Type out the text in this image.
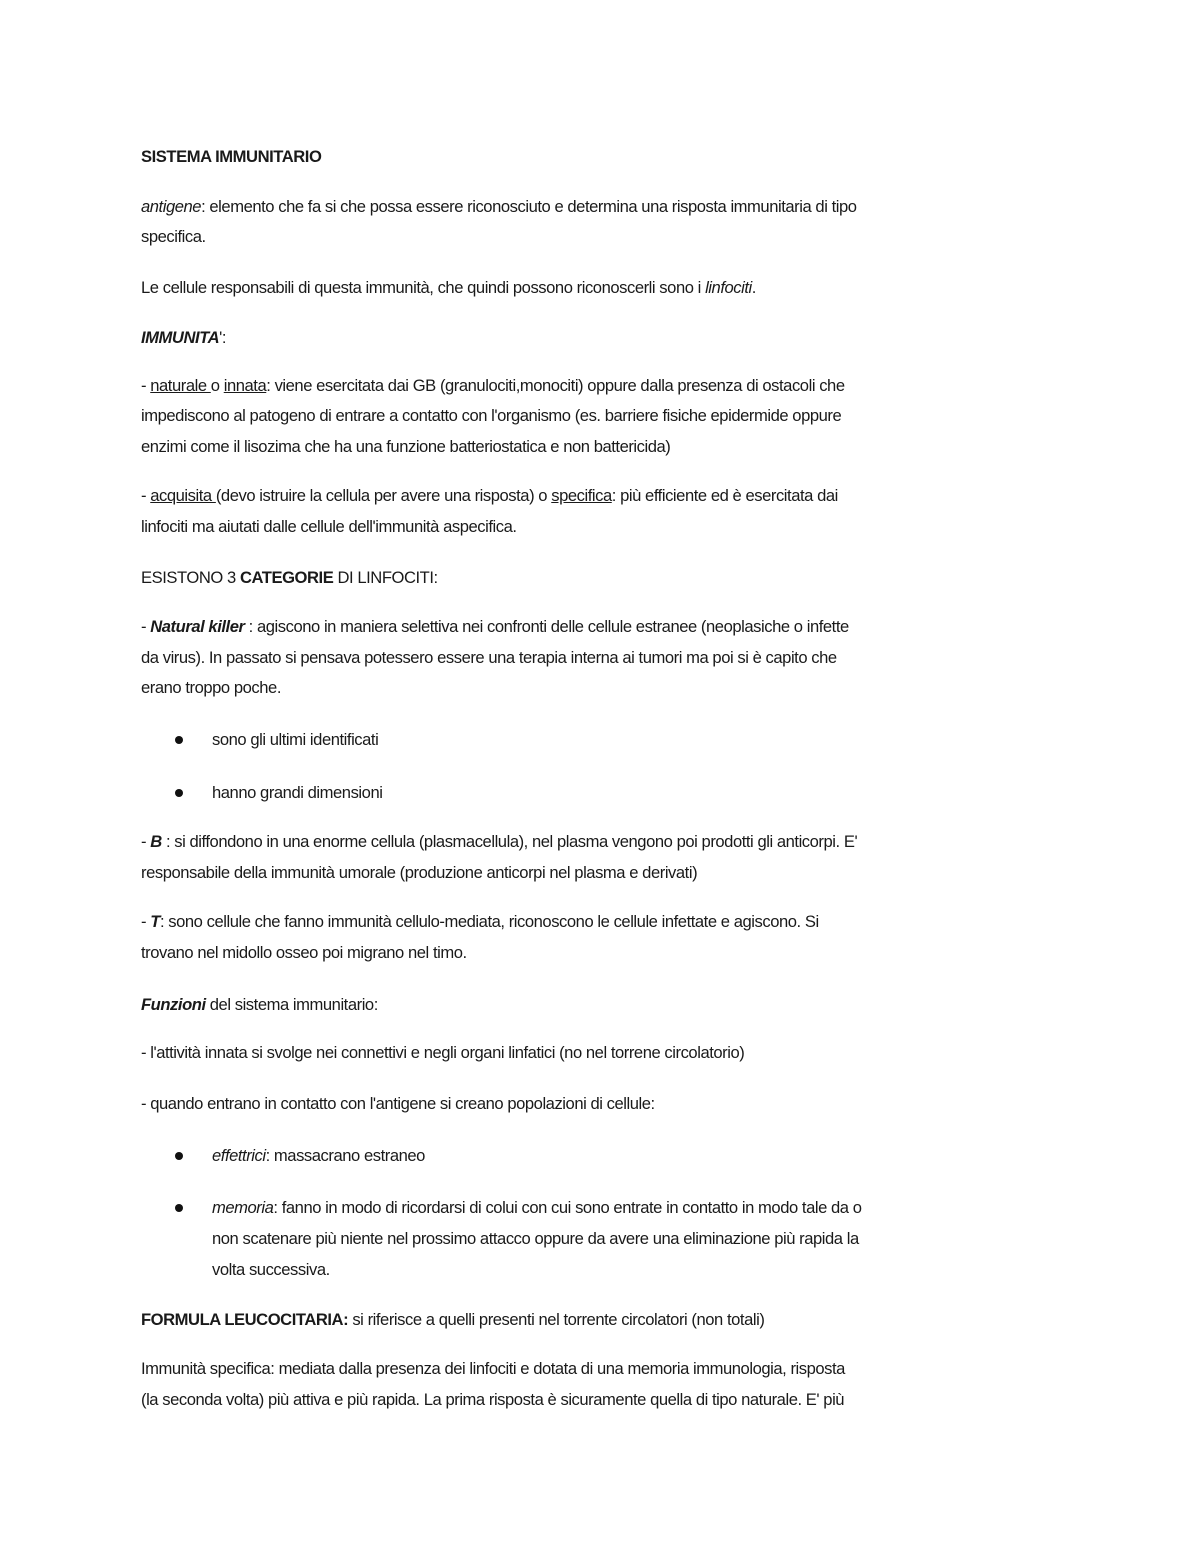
SISTEMA IMMUNITARIO
antigene: elemento che fa si che possa essere riconosciuto e determina una risposta immunitaria di tipo
specifica.
Le cellule responsabili di questa immunità, che quindi possono riconoscerli sono i linfociti.
IMMUNITA':
- naturale o innata: viene esercitata dai GB (granulociti,monociti) oppure dalla presenza di ostacoli che
impediscono al patogeno di entrare a contatto con l'organismo (es. barriere fisiche epidermide oppure
enzimi come il lisozima che ha una funzione batteriostatica e non battericida)
- acquisita (devo istruire la cellula per avere una risposta) o specifica: più efficiente ed è esercitata dai
linfociti ma aiutati dalle cellule dell'immunità aspecifica.
ESISTONO 3 CATEGORIE DI LINFOCITI:
- Natural killer : agiscono in maniera selettiva nei confronti delle cellule estranee (neoplasiche o infette
da virus). In passato si pensava potessero essere una terapia interna ai tumori ma poi si è capito che
erano troppo poche.
sono gli ultimi identificati
hanno grandi dimensioni
- B : si diffondono in una enorme cellula (plasmacellula), nel plasma vengono poi prodotti gli anticorpi. E'
responsabile della immunità umorale (produzione anticorpi nel plasma e derivati)
- T: sono cellule che fanno immunità cellulo-mediata, riconoscono le cellule infettate e agiscono. Si
trovano nel midollo osseo poi migrano nel timo.
Funzioni del sistema immunitario:
- l'attività innata si svolge nei connettivi e negli organi linfatici (no nel torrene circolatorio)
- quando entrano in contatto con l'antigene si creano popolazioni di cellule:
effettrici: massacrano estraneo
memoria: fanno in modo di ricordarsi di colui con cui sono entrate in contatto in modo tale da o
non scatenare più niente nel prossimo attacco oppure da avere una eliminazione più rapida la
volta successiva.
FORMULA LEUCOCITARIA: si riferisce a quelli presenti nel torrente circolatori (non totali)
Immunità specifica: mediata dalla presenza dei linfociti e dotata di una memoria immunologia, risposta
(la seconda volta) più attiva e più rapida. La prima risposta è sicuramente quella di tipo naturale. E' più
